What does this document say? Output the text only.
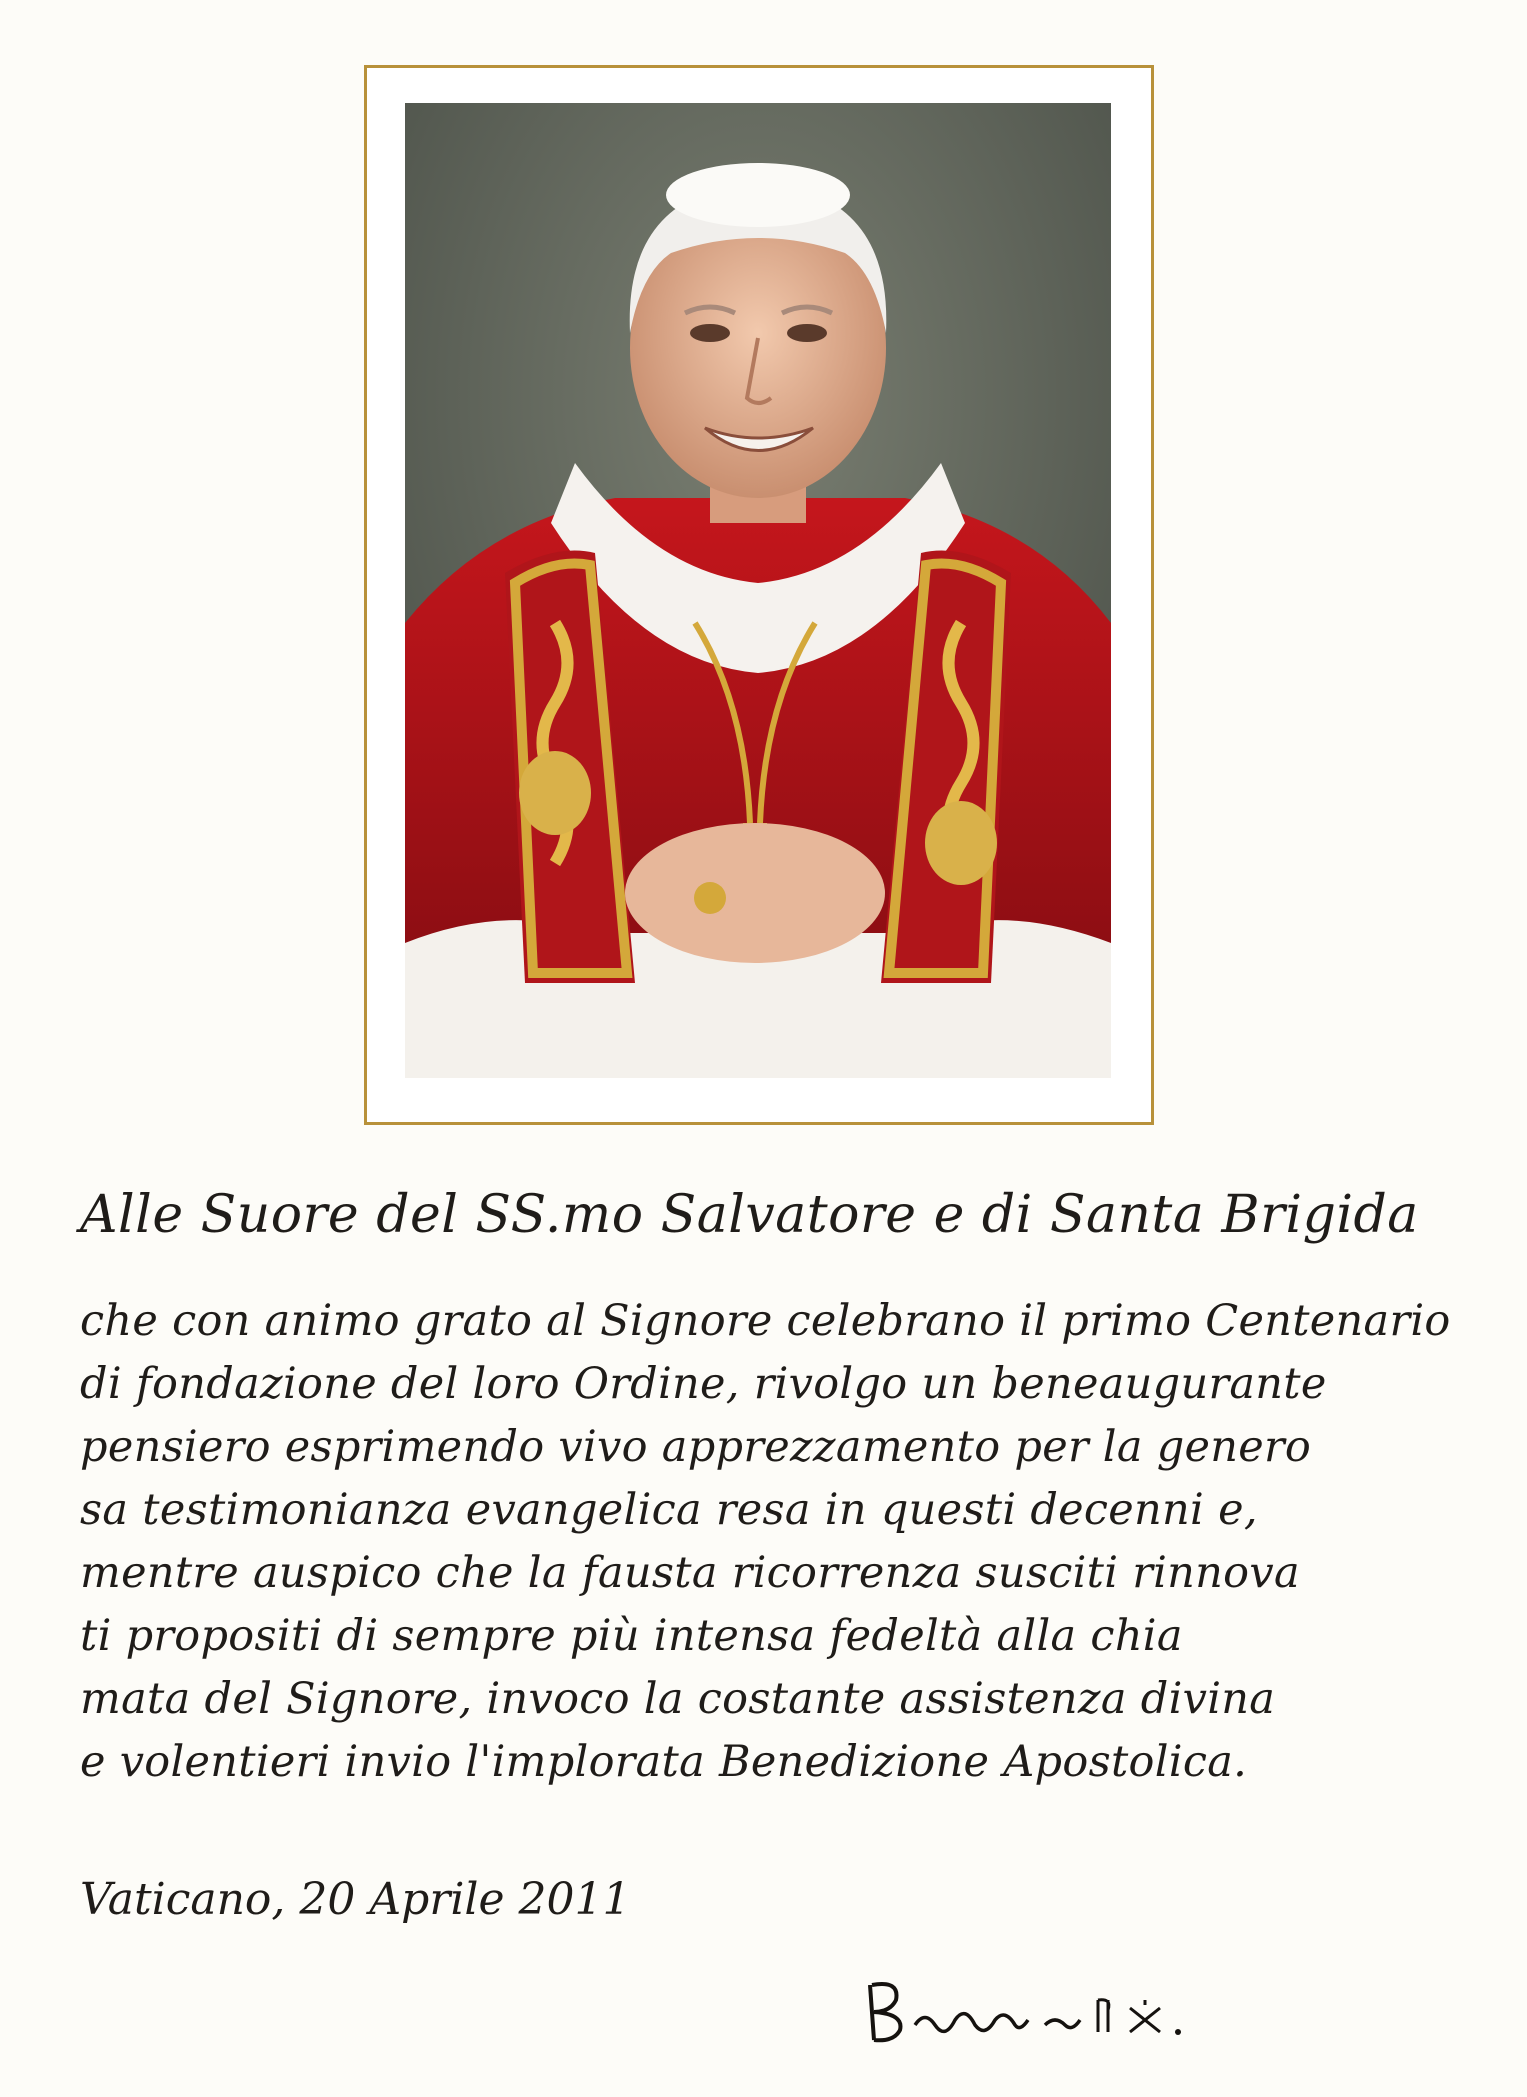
Alle Suore del SS.mo Salvatore e di Santa Brigida
che con animo grato al Signore celebrano il primo Centenario
di fondazione del loro Ordine, rivolgo un beneaugurante
pensiero esprimendo vivo apprezzamento per la genero
sa testimonianza evangelica resa in questi decenni e,
mentre auspico che la fausta ricorrenza susciti rinnova
ti propositi di sempre più intensa fedeltà alla chia
mata del Signore, invoco la costante assistenza divina
e volentieri invio l'implorata Benedizione Apostolica.
Vaticano, 20 Aprile 2011
